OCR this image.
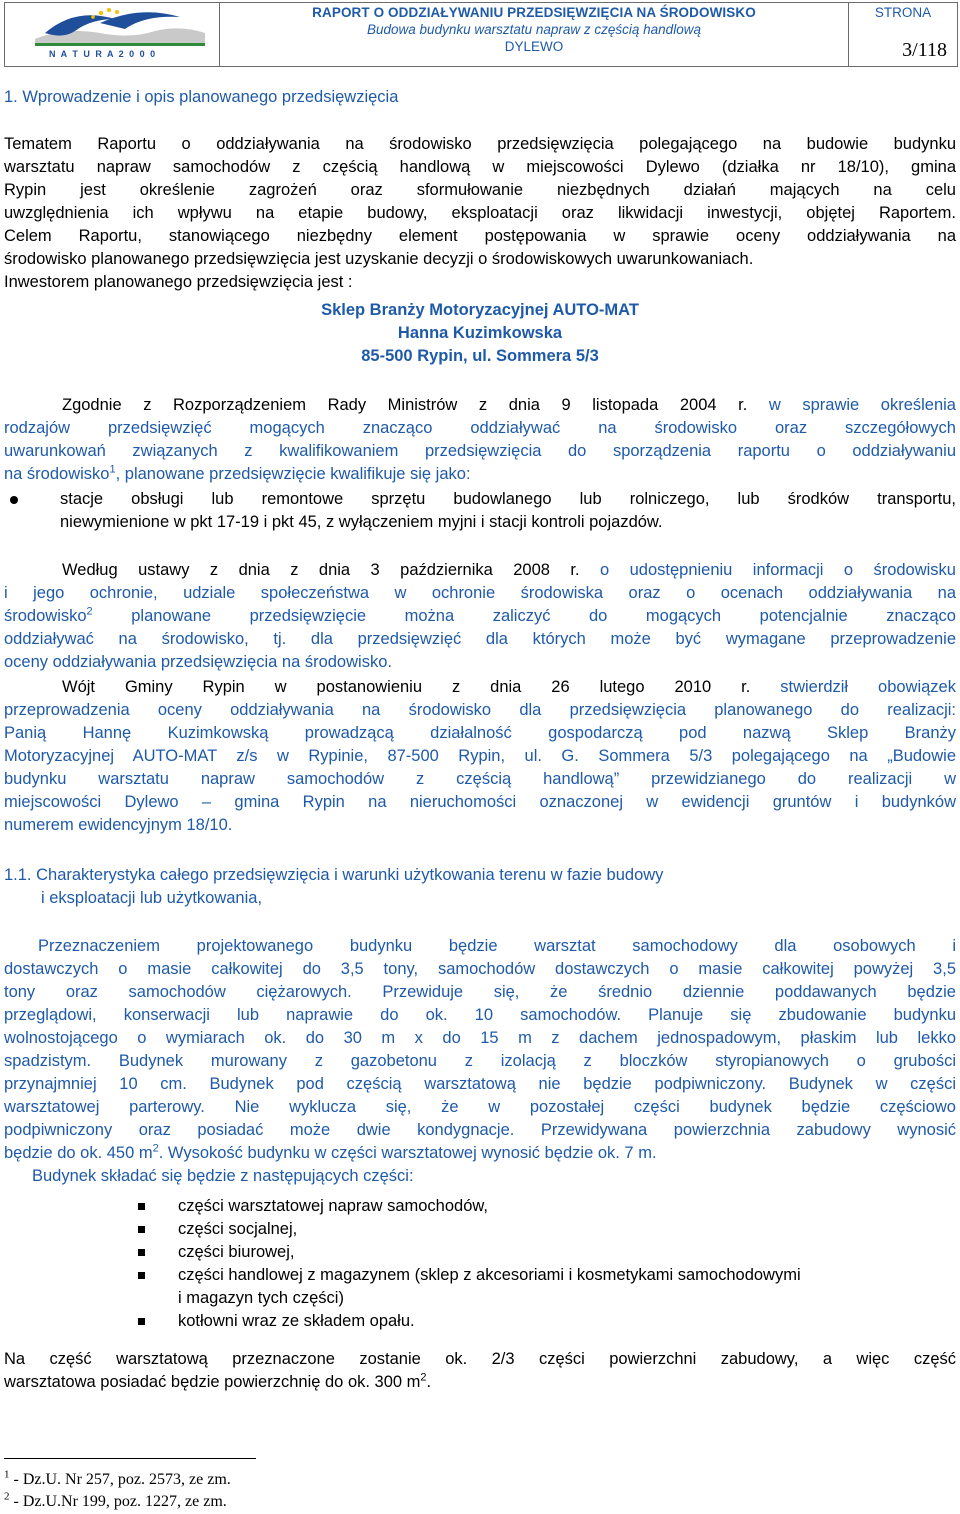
N A T U R A 2 0 0 0

RAPORT O ODDZIAŁYWANIU PRZEDSIĘWZIĘCIA NA ŚRODOWISKO
Budowa budynku warsztatu napraw z częścią handlową
DYLEWO

STRONA
3/118
1. Wprowadzenie i opis planowanego przedsięwzięcia
Tematem Raportu o oddziaływania na środowisko przedsięwzięcia polegającego na budowie budynku
warsztatu napraw samochodów z częścią handlową w miejscowości Dylewo (działka nr 18/10), gmina
Rypin jest określenie zagrożeń oraz sformułowanie niezbędnych działań mających na celu
uwzględnienia ich wpływu na etapie budowy, eksploatacji oraz likwidacji inwestycji, objętej Raportem.
Celem Raportu, stanowiącego niezbędny element postępowania w sprawie oceny oddziaływania na
środowisko planowanego przedsięwzięcia jest uzyskanie decyzji o środowiskowych uwarunkowaniach.
Inwestorem planowanego przedsięwzięcia jest :
Sklep Branży Motoryzacyjnej AUTO-MAT
Hanna Kuzimkowska
85-500 Rypin, ul. Sommera 5/3
Zgodnie z Rozporządzeniem Rady Ministrów z dnia 9 listopada 2004 r. w sprawie określenia
rodzajów przedsięwzięć mogących znacząco oddziaływać na środowisko oraz szczegółowych
uwarunkowań związanych z kwalifikowaniem przedsięwzięcia do sporządzenia raportu o oddziaływaniu
na środowisko$^1$, planowane przedsięwzięcie kwalifikuje się jako:
stacje obsługi lub remontowe sprzętu budowlanego lub rolniczego, lub środków transportu,
niewymienione w pkt 17-19 i pkt 45, z wyłączeniem myjni i stacji kontroli pojazdów.
Według ustawy z dnia z dnia 3 października 2008 r. o udostępnieniu informacji o środowisku
i jego ochronie, udziale społeczeństwa w ochronie środowiska oraz o ocenach oddziaływania na
środowisko$^2$ planowane przedsięwzięcie można zaliczyć do mogących potencjalnie znacząco
oddziaływać na środowisko, tj. dla przedsięwzięć dla których może być wymagane przeprowadzenie
oceny oddziaływania przedsięwzięcia na środowisko.
Wójt Gminy Rypin w postanowieniu z dnia 26 lutego 2010 r. stwierdził obowiązek
przeprowadzenia oceny oddziaływania na środowisko dla przedsięwzięcia planowanego do realizacji:
Panią Hannę Kuzimkowską prowadzącą działalność gospodarczą pod nazwą Sklep Branży
Motoryzacyjnej AUTO-MAT z/s w Rypinie, 87-500 Rypin, ul. G. Sommera 5/3 polegającego na „Budowie
budynku warsztatu napraw samochodów z częścią handlową” przewidzianego do realizacji w
miejscowości Dylewo – gmina Rypin na nieruchomości oznaczonej w ewidencji gruntów i budynków
numerem ewidencyjnym 18/10.
1.1. Charakterystyka całego przedsięwzięcia i warunki użytkowania terenu w fazie budowy
i eksploatacji lub użytkowania,
Przeznaczeniem projektowanego budynku będzie warsztat samochodowy dla osobowych i
dostawczych o masie całkowitej do 3,5 tony, samochodów dostawczych o masie całkowitej powyżej 3,5
tony oraz samochodów ciężarowych. Przewiduje się, że średnio dziennie poddawanych będzie
przeglądowi, konserwacji lub naprawie do ok. 10 samochodów. Planuje się zbudowanie budynku
wolnostojącego o wymiarach ok. do 30 m x do 15 m z dachem jednospadowym, płaskim lub lekko
spadzistym. Budynek murowany z gazobetonu z izolacją z bloczków styropianowych o grubości
przynajmniej 10 cm. Budynek pod częścią warsztatową nie będzie podpiwniczony. Budynek w części
warsztatowej parterowy. Nie wyklucza się, że w pozostałej części budynek będzie częściowo
podpiwniczony oraz posiadać może dwie kondygnacje. Przewidywana powierzchnia zabudowy wynosić
będzie do ok. 450 $m^2$. Wysokość budynku w części warsztatowej wynosić będzie ok. 7 m.
Budynek składać się będzie z następujących części:
części warsztatowej napraw samochodów,
części socjalnej,
części biurowej,
części handlowej z magazynem (sklep z akcesoriami i kosmetykami samochodowymi
i magazyn tych części)
kotłowni wraz ze składem opału.
Na część warsztatową przeznaczone zostanie ok. 2/3 części powierzchni zabudowy, a więc część
warsztatowa posiadać będzie powierzchnię do ok. 300 $m^2$.
$^1$ - Dz.U. Nr 257, poz. 2573, ze zm.
$^2$ - Dz.U.Nr 199, poz. 1227, ze zm.
